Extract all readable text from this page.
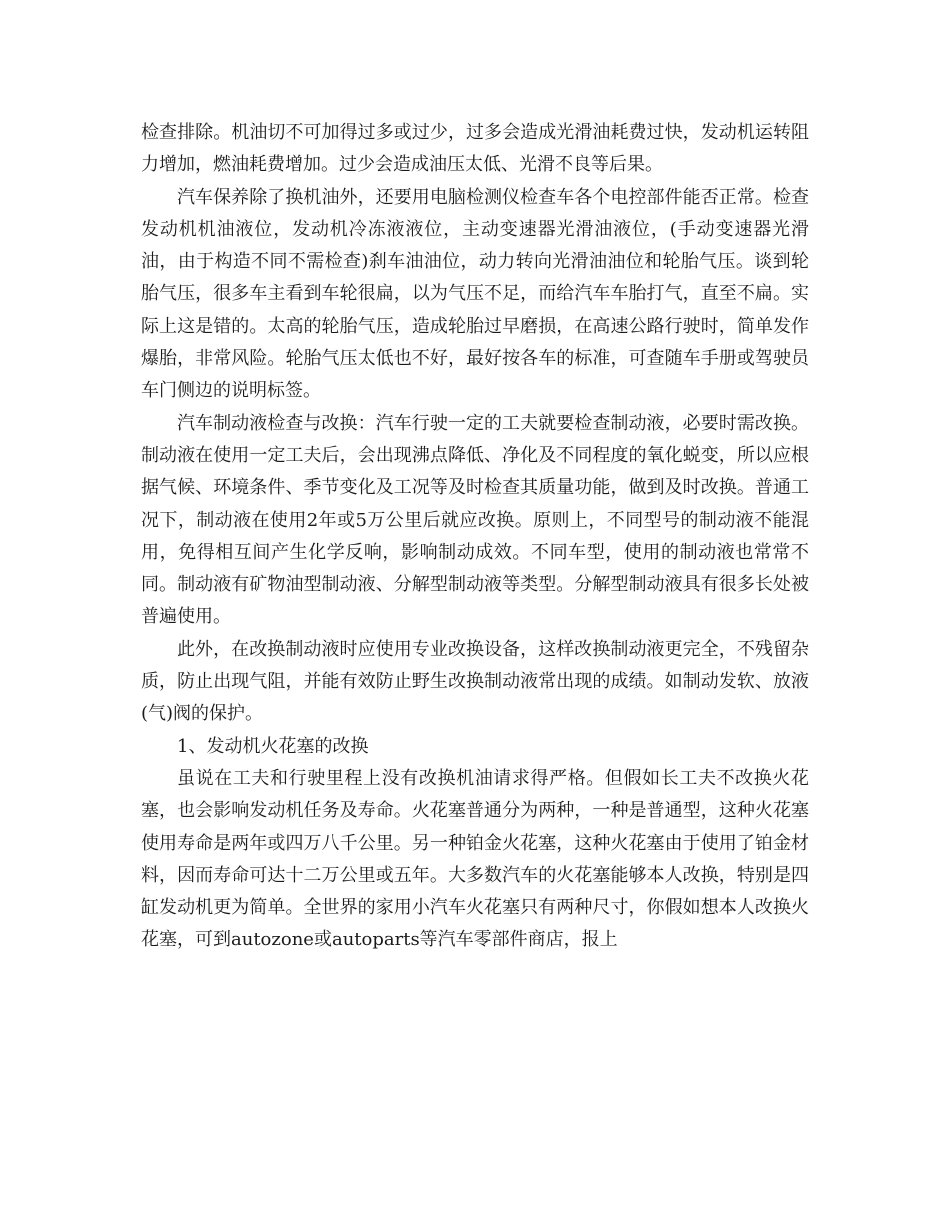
检查排除。机油切不可加得过多或过少，过多会造成光滑油耗费过快，发动机运转阻力增加，燃油耗费增加。过少会造成油压太低、光滑不良等后果。

汽车保养除了换机油外，还要用电脑检测仪检查车各个电控部件能否正常。检查发动机机油液位，发动机冷冻液液位，主动变速器光滑油液位，(手动变速器光滑油，由于构造不同不需检查)刹车油油位，动力转向光滑油油位和轮胎气压。谈到轮胎气压，很多车主看到车轮很扁，以为气压不足，而给汽车车胎打气，直至不扁。实际上这是错的。太高的轮胎气压，造成轮胎过早磨损，在高速公路行驶时，简单发作爆胎，非常风险。轮胎气压太低也不好，最好按各车的标准，可查随车手册或驾驶员车门侧边的说明标签。

汽车制动液检查与改换：汽车行驶一定的工夫就要检查制动液，必要时需改换。制动液在使用一定工夫后，会出现沸点降低、净化及不同程度的氧化蜕变，所以应根据气候、环境条件、季节变化及工况等及时检查其质量功能，做到及时改换。普通工况下，制动液在使用2年或5万公里后就应改换。原则上，不同型号的制动液不能混用，免得相互间产生化学反响，影响制动成效。不同车型，使用的制动液也常常不同。制动液有矿物油型制动液、分解型制动液等类型。分解型制动液具有很多长处被普遍使用。

此外，在改换制动液时应使用专业改换设备，这样改换制动液更完全，不残留杂质，防止出现气阻，并能有效防止野生改换制动液常出现的成绩。如制动发软、放液(气)阀的保护。

1、发动机火花塞的改换

虽说在工夫和行驶里程上没有改换机油请求得严格。但假如长工夫不改换火花塞，也会影响发动机任务及寿命。火花塞普通分为两种，一种是普通型，这种火花塞使用寿命是两年或四万八千公里。另一种铂金火花塞，这种火花塞由于使用了铂金材料，因而寿命可达十二万公里或五年。大多数汽车的火花塞能够本人改换，特别是四缸发动机更为简单。全世界的家用小汽车火花塞只有两种尺寸，你假如想本人改换火花塞，可到autozone或autoparts等汽车零部件商店，报上
